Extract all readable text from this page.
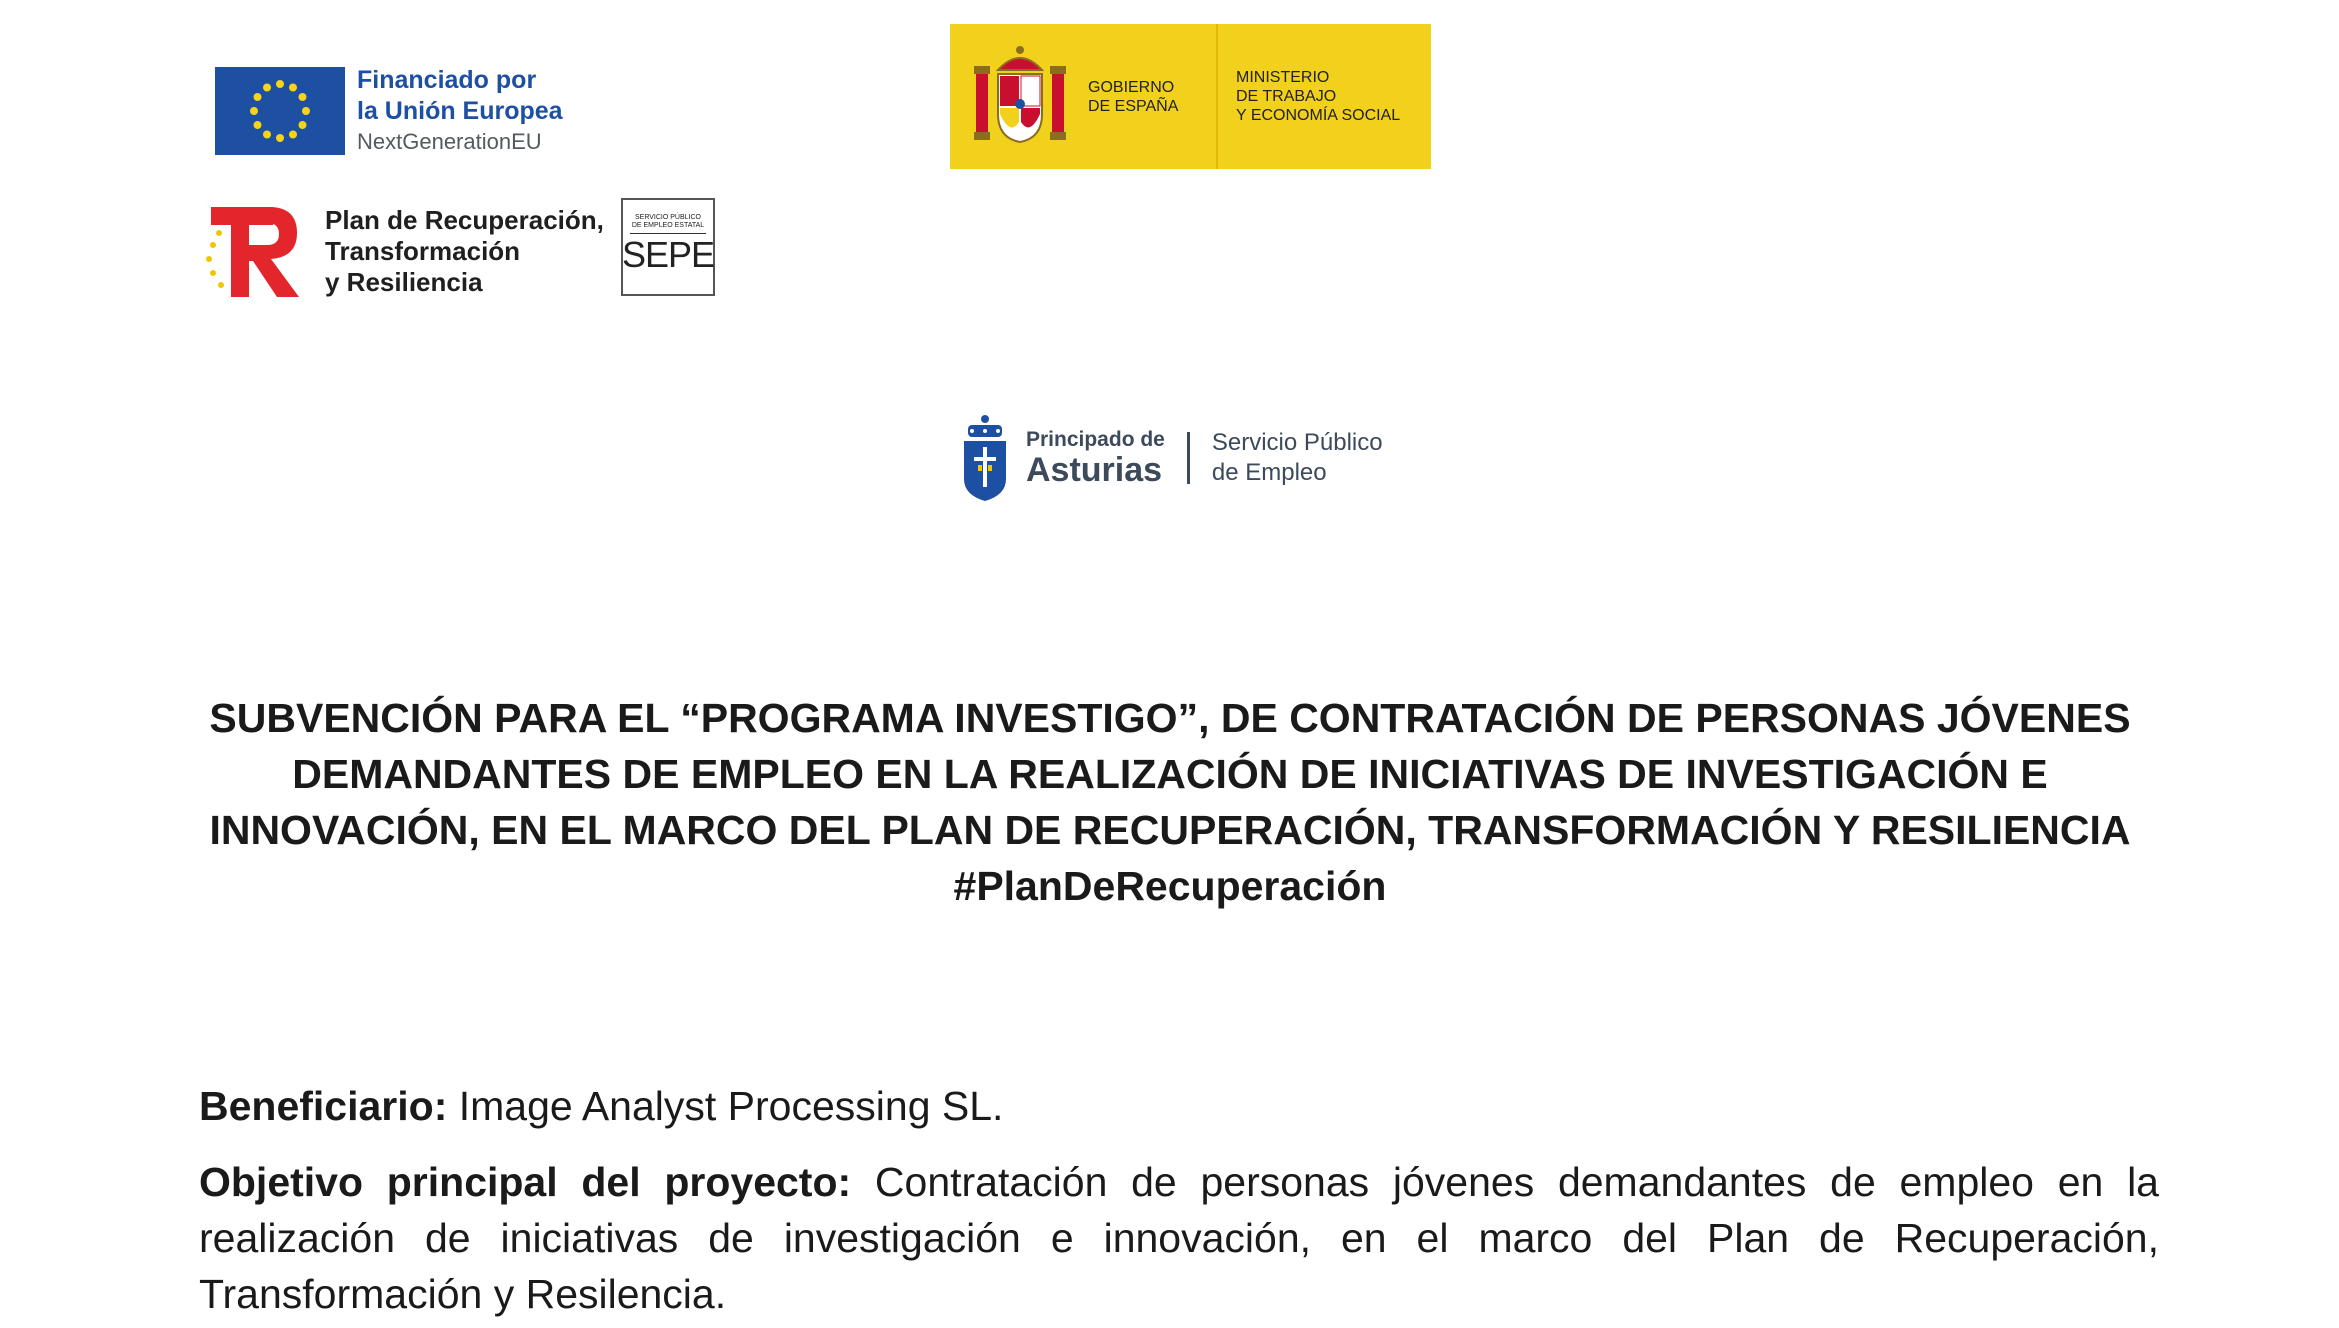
Financiado por
la Unión Europea
NextGenerationEU
GOBIERNO
DE ESPAÑA
MINISTERIO
DE TRABAJO
Y ECONOMÍA SOCIAL
Plan de Recuperación,
Transformación
y Resiliencia
SERVICIO PÚBLICO
DE EMPLEO ESTATAL
SEPE
Principado de
Asturias
Servicio Público
de Empleo
SUBVENCIÓN PARA EL “PROGRAMA INVESTIGO”, DE CONTRATACIÓN DE PERSONAS JÓVENES DEMANDANTES DE EMPLEO EN LA REALIZACIÓN DE INICIATIVAS DE INVESTIGACIÓN E INNOVACIÓN, EN EL MARCO DEL PLAN DE RECUPERACIÓN, TRANSFORMACIÓN Y RESILIENCIA #PlanDeRecuperación

Beneficiario: Image Analyst Processing SL.

Objetivo principal del proyecto: Contratación de personas jóvenes demandantes de empleo en la realización de iniciativas de investigación e innovación, en el marco del Plan de Recuperación, Transformación y Resilencia.
